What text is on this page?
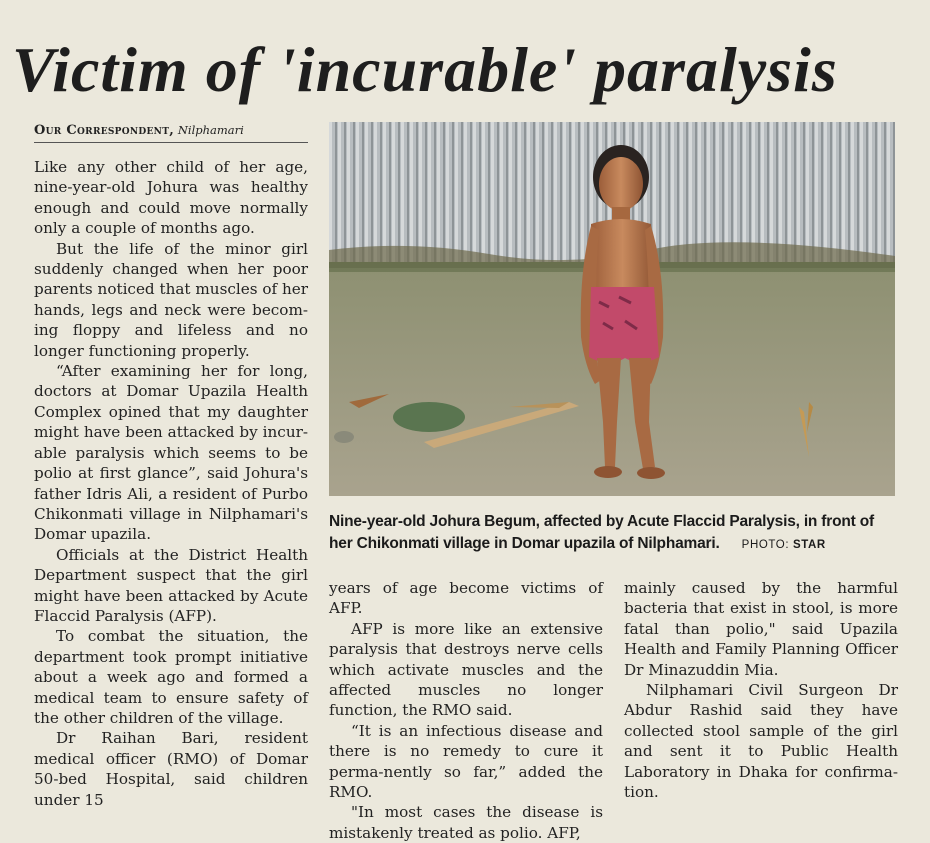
Victim of 'incurable' paralysis
Our Correspondent, Nilphamari

Like any other child of her age, nine-year-old Johura was healthy enough and could move normally only a couple of months ago.

But the life of the minor girl suddenly changed when her poor parents noticed that muscles of her hands, legs and neck were becom-ing floppy and lifeless and no longer functioning properly.

“After examining her for long, doctors at Domar Upazila Health Complex opined that my daughter might have been attacked by incur-able paralysis which seems to be polio at first glance”, said Johura's father Idris Ali, a resident of Purbo Chikonmati village in Nilphamari's Domar upazila.

Officials at the District Health Department suspect that the girl might have been attacked by Acute Flaccid Paralysis (AFP).

To combat the situation, the department took prompt initiative about a week ago and formed a medical team to ensure safety of the other children of the village.

Dr Raihan Bari, resident medical officer (RMO) of Domar 50-bed Hospital, said children under 15

Nine-year-old Johura Begum, affected by Acute Flaccid Paralysis, in front of her Chikonmati village in Domar upazila of Nilphamari. PHOTO: STAR

years of age become victims of AFP.

AFP is more like an extensive paralysis that destroys nerve cells which activate muscles and the affected muscles no longer function, the RMO said.

“It is an infectious disease and there is no remedy to cure it perma-nently so far,” added the RMO.

"In most cases the disease is mistakenly treated as polio. AFP,

mainly caused by the harmful bacteria that exist in stool, is more fatal than polio," said Upazila Health and Family Planning Officer Dr Minazuddin Mia.

Nilphamari Civil Surgeon Dr Abdur Rashid said they have collected stool sample of the girl and sent it to Public Health Laboratory in Dhaka for confirma-tion.
